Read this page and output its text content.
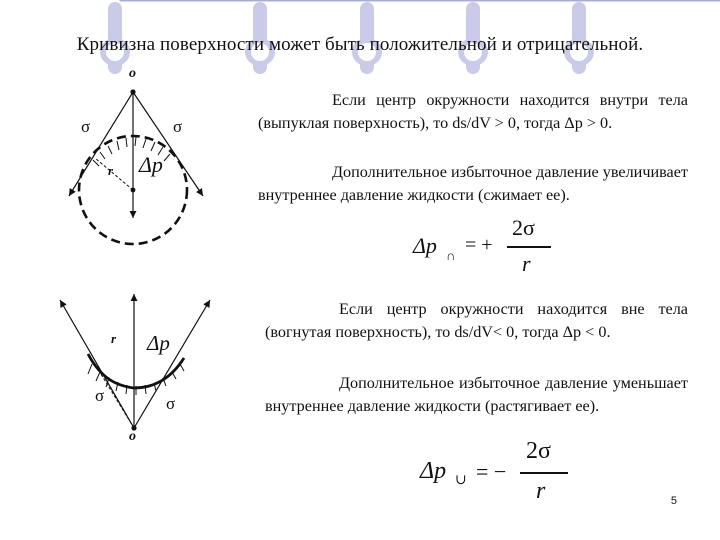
Кривизна поверхности может быть положительной и отрицательной.
o
σ	σ
r Δp

Если центр окружности находится внутри тела (выпуклая поверхность), то ds/dV > 0, тогда Δp > 0.

Дополнительное избыточное давление увеличивает внутреннее давление жидкости (сжимает ее).

Δp ∩ = +
2σ
r
o
σ	σ
r Δp

Если центр окружности находится вне тела (вогнутая поверхность), то ds/dV< 0, тогда Δp < 0.

Дополнительное избыточное давление уменьшает внутреннее давление жидкости (растягивает ее).

Δp ∪ = −
2σ
r	5
